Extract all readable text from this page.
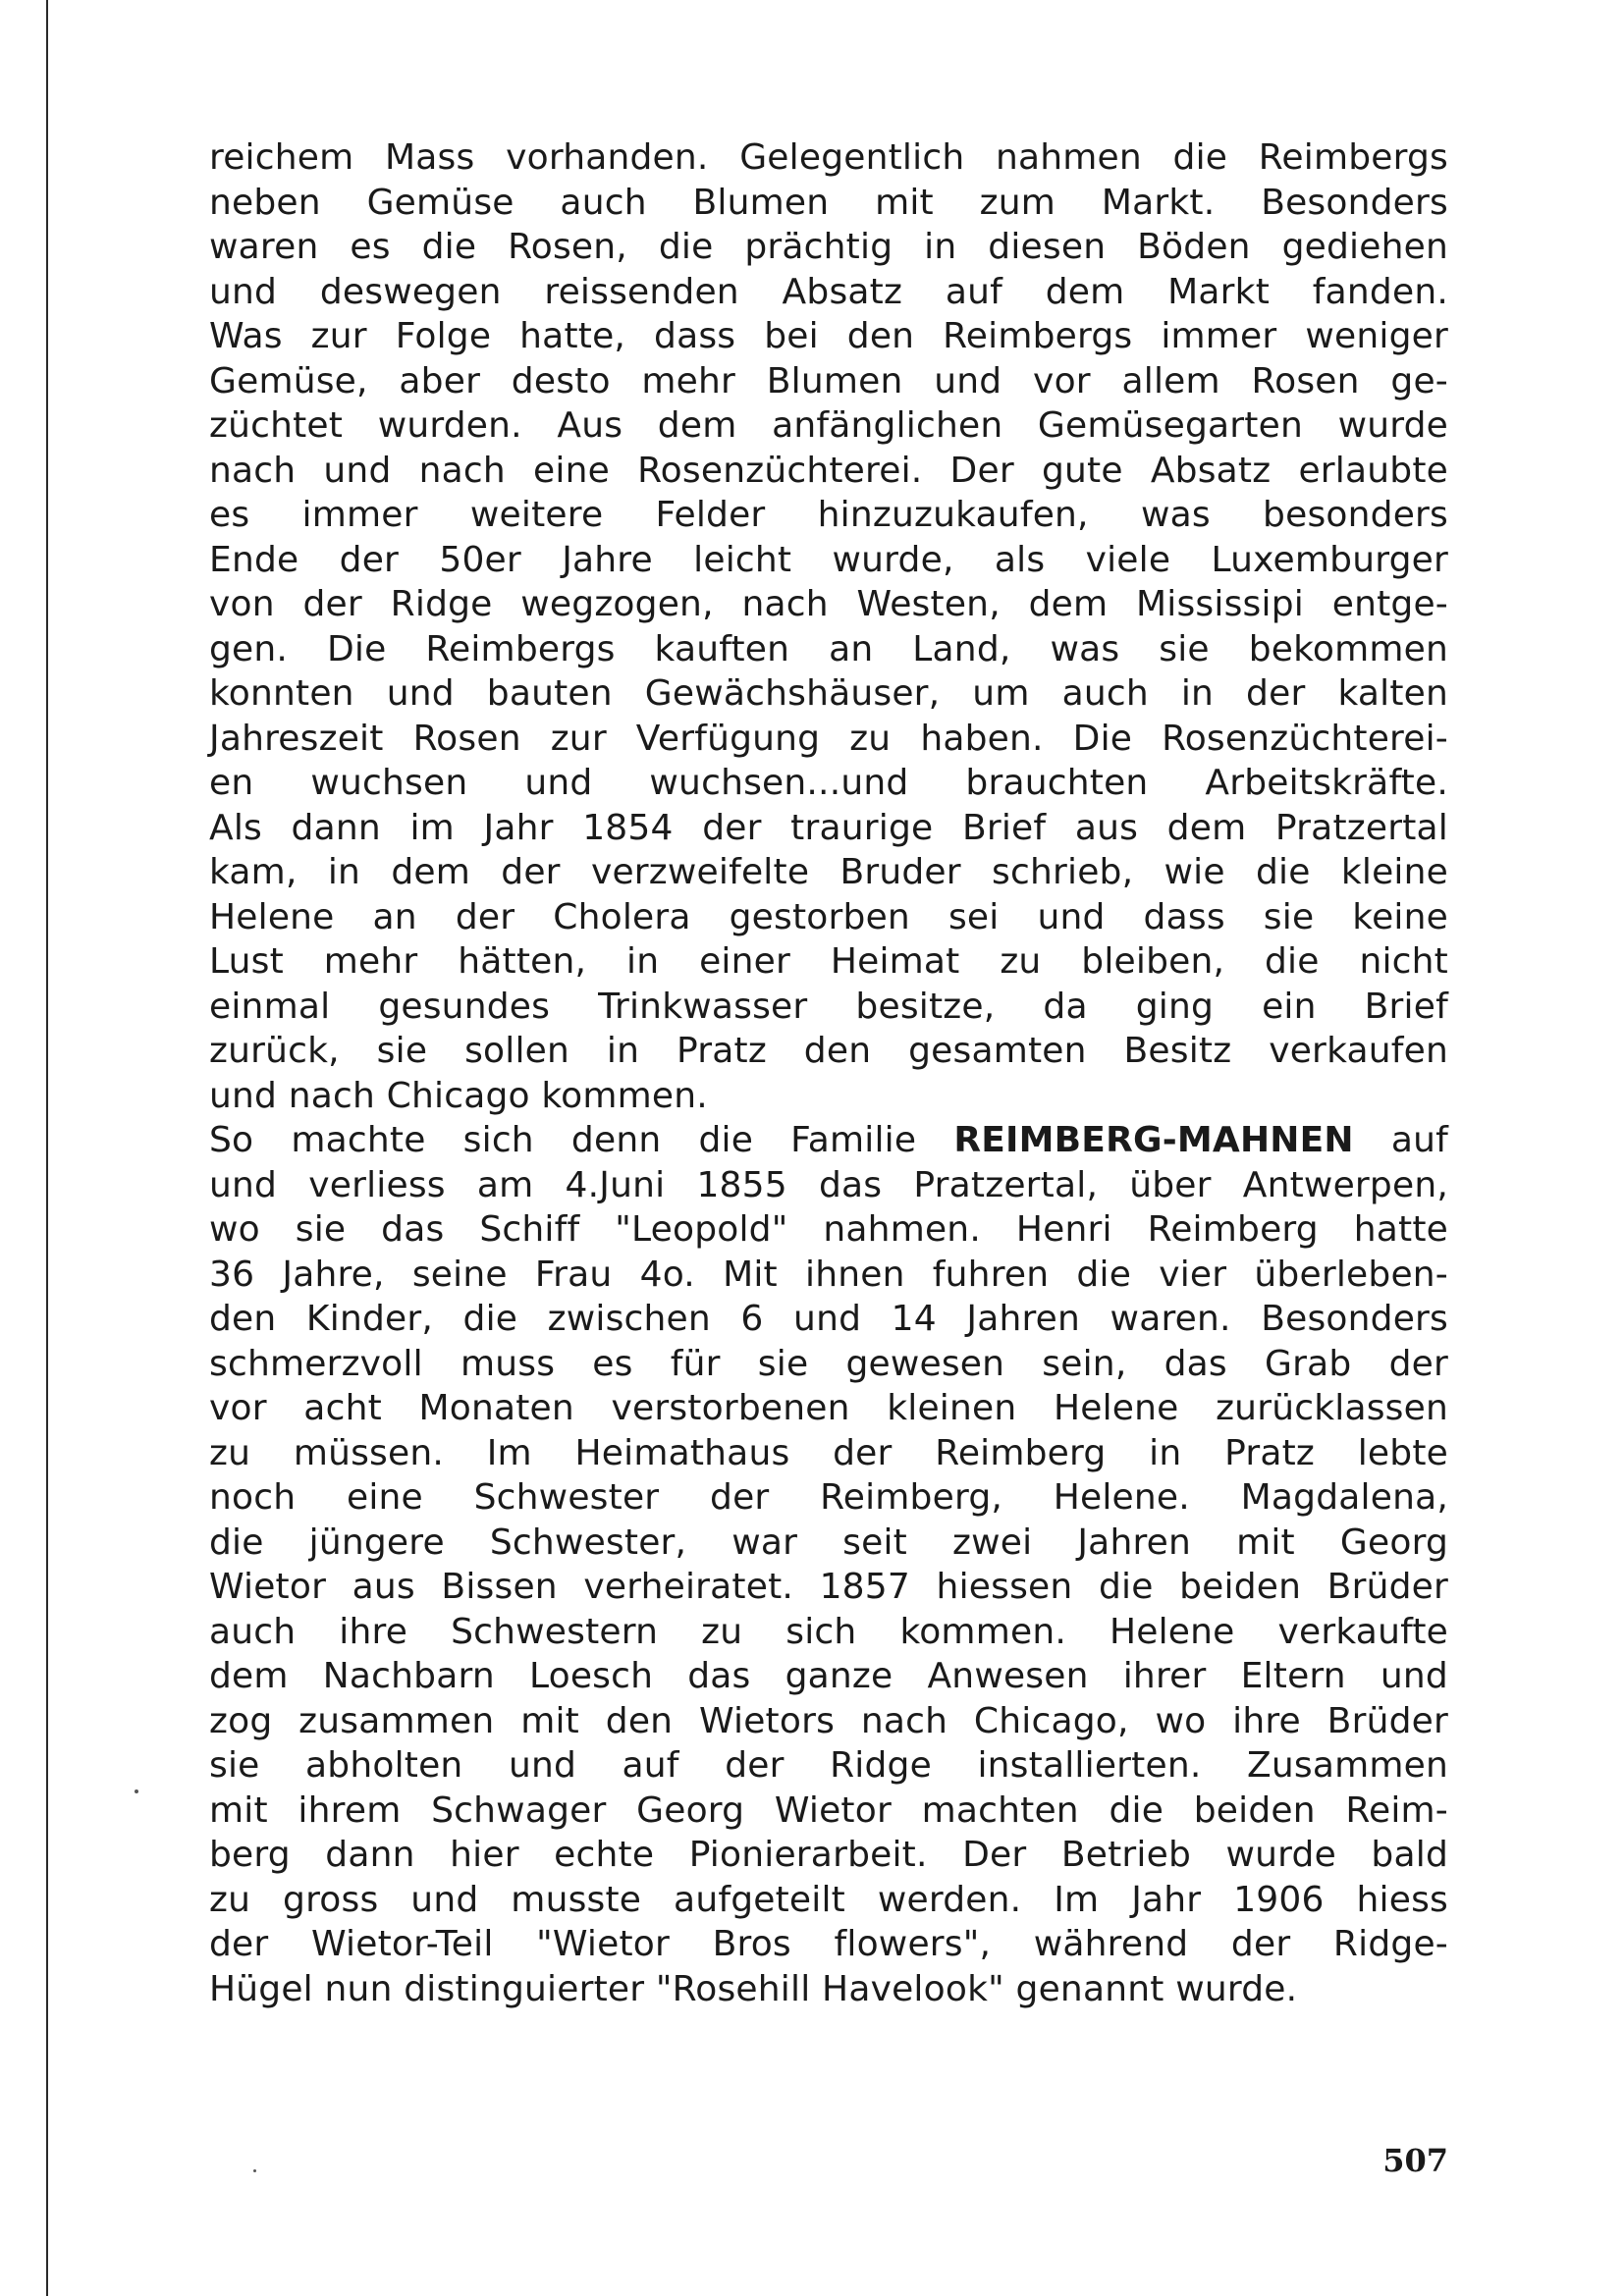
reichem Mass vorhanden. Gelegentlich nahmen die Reimbergs
neben Gemüse auch Blumen mit zum Markt. Besonders
waren es die Rosen, die prächtig in diesen Böden gediehen
und deswegen reissenden Absatz auf dem Markt fanden.
Was zur Folge hatte, dass bei den Reimbergs immer weniger
Gemüse, aber desto mehr Blumen und vor allem Rosen ge-
züchtet wurden. Aus dem anfänglichen Gemüsegarten wurde
nach und nach eine Rosenzüchterei. Der gute Absatz erlaubte
es immer weitere Felder hinzuzukaufen, was besonders
Ende der 50er Jahre leicht wurde, als viele Luxemburger
von der Ridge wegzogen, nach Westen, dem Mississipi entge-
gen. Die Reimbergs kauften an Land, was sie bekommen
konnten und bauten Gewächshäuser, um auch in der kalten
Jahreszeit Rosen zur Verfügung zu haben. Die Rosenzüchterei-
en wuchsen und wuchsen...und brauchten Arbeitskräfte.
Als dann im Jahr 1854 der traurige Brief aus dem Pratzertal
kam, in dem der verzweifelte Bruder schrieb, wie die kleine
Helene an der Cholera gestorben sei und dass sie keine
Lust mehr hätten, in einer Heimat zu bleiben, die nicht
einmal gesundes Trinkwasser besitze, da ging ein Brief
zurück, sie sollen in Pratz den gesamten Besitz verkaufen
und nach Chicago kommen.
So machte sich denn die Familie REIMBERG-MAHNEN auf
und verliess am 4.Juni 1855 das Pratzertal, über Antwerpen,
wo sie das Schiff "Leopold" nahmen. Henri Reimberg hatte
36 Jahre, seine Frau 4o. Mit ihnen fuhren die vier überleben-
den Kinder, die zwischen 6 und 14 Jahren waren. Besonders
schmerzvoll muss es für sie gewesen sein, das Grab der
vor acht Monaten verstorbenen kleinen Helene zurücklassen
zu müssen. Im Heimathaus der Reimberg in Pratz lebte
noch eine Schwester der Reimberg, Helene. Magdalena,
die jüngere Schwester, war seit zwei Jahren mit Georg
Wietor aus Bissen verheiratet. 1857 hiessen die beiden Brüder
auch ihre Schwestern zu sich kommen. Helene verkaufte
dem Nachbarn Loesch das ganze Anwesen ihrer Eltern und
zog zusammen mit den Wietors nach Chicago, wo ihre Brüder
sie abholten und auf der Ridge installierten. Zusammen
mit ihrem Schwager Georg Wietor machten die beiden Reim-
berg dann hier echte Pionierarbeit. Der Betrieb wurde bald
zu gross und musste aufgeteilt werden. Im Jahr 1906 hiess
der Wietor-Teil "Wietor Bros flowers", während der Ridge-
Hügel nun distinguierter "Rosehill Havelook" genannt wurde.
507
